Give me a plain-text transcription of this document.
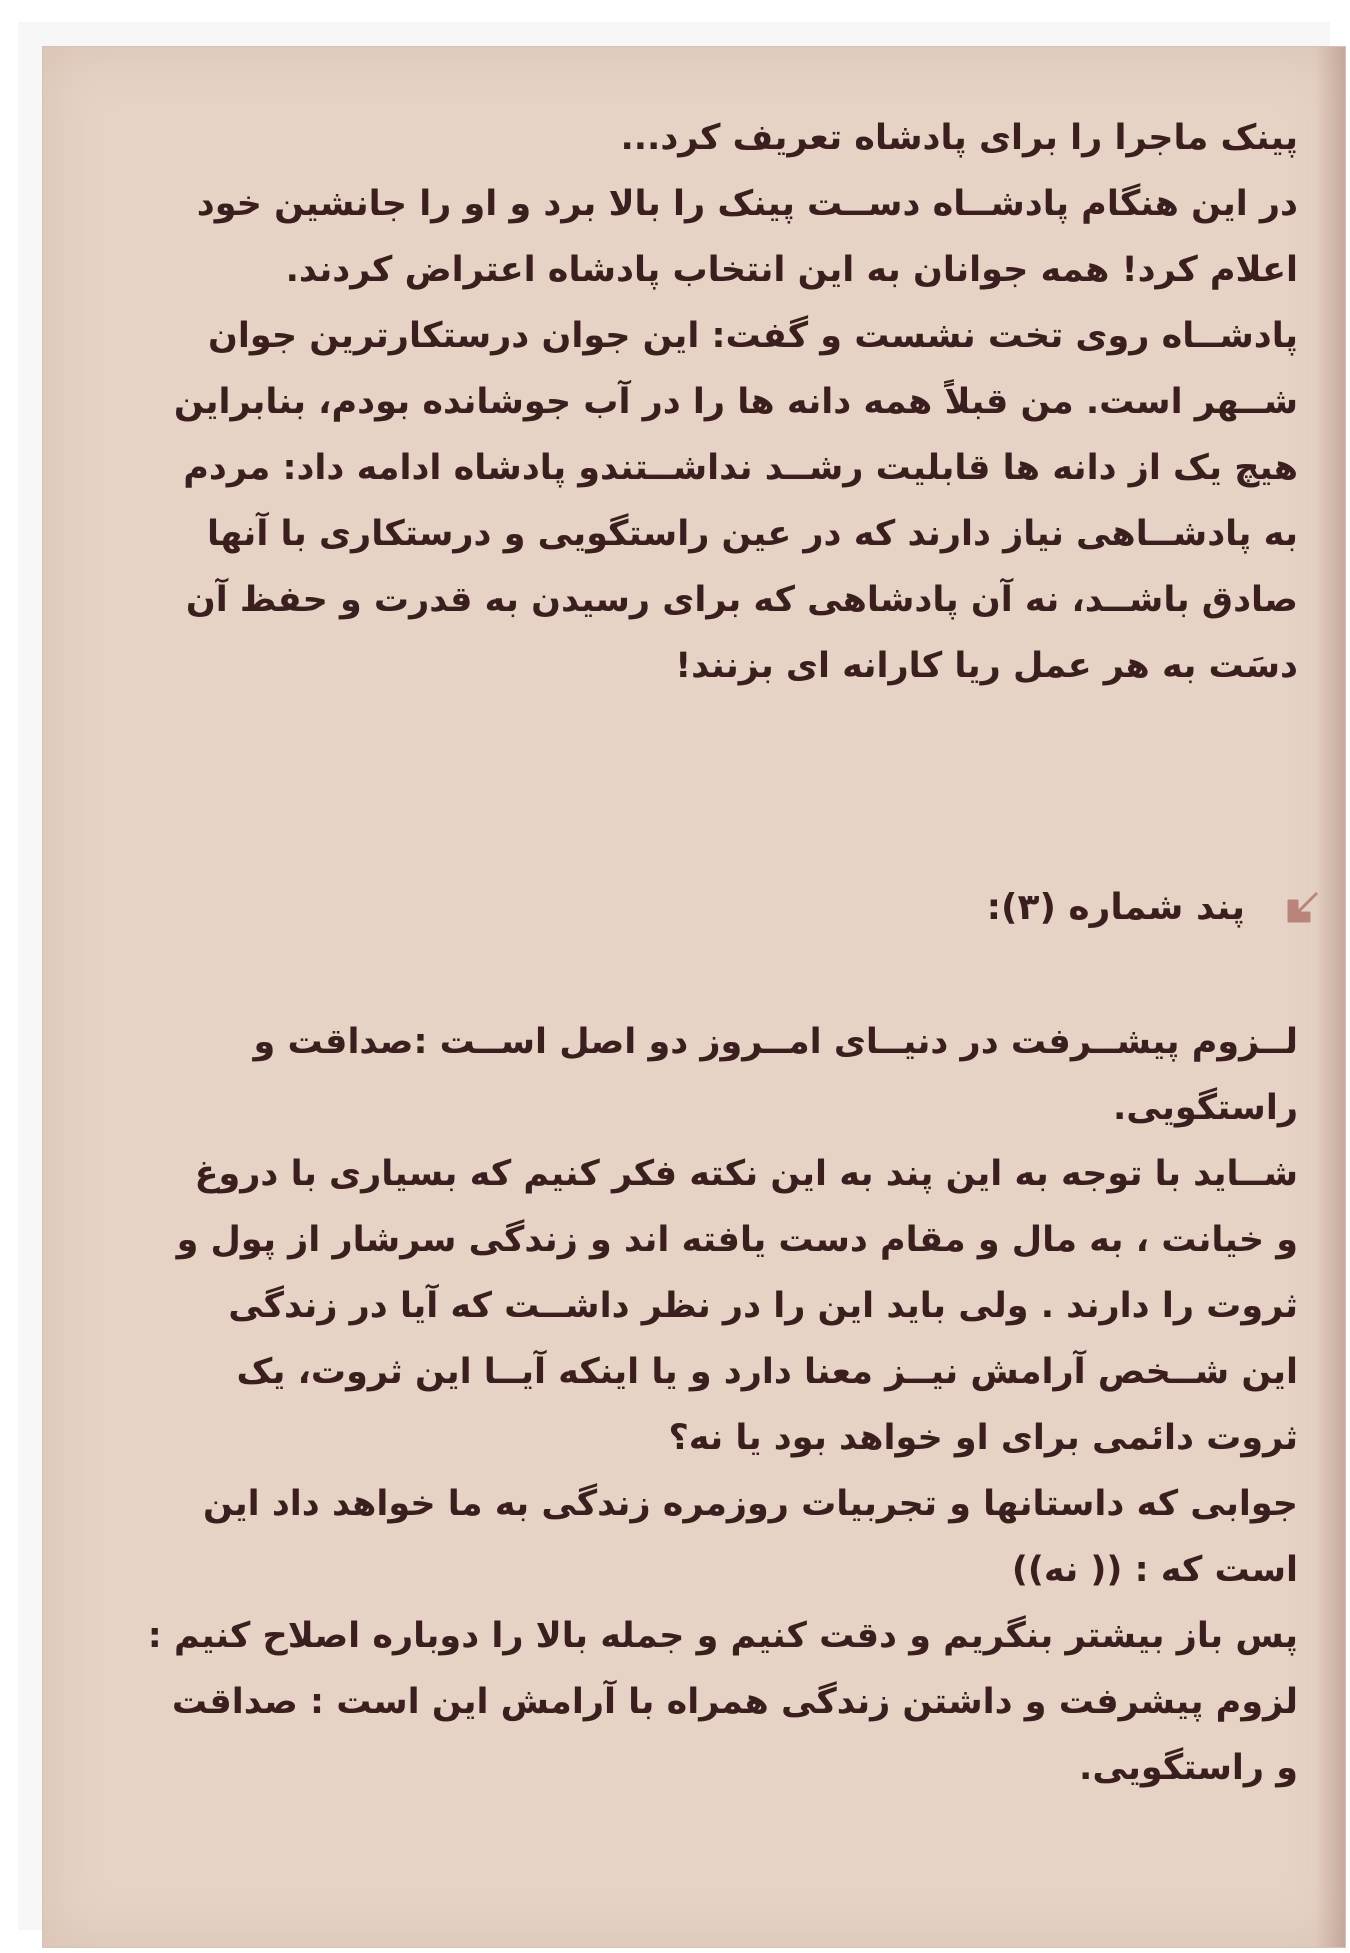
پینک ماجرا را برای پادشاه تعریف کرد...
در این هنگام پادشــاه دســت پینک را بالا برد و او را جانشین خود
اعلام کرد! همه جوانان به این انتخاب پادشاه اعتراض کردند.
پادشــاه روی تخت نشست و گفت: این جوان درستکارترین جوان
شــهر است. من قبلاً همه دانه ها را در آب جوشانده بودم، بنابراین
هیچ یک از دانه ها قابلیت رشــد نداشــتندو پادشاه ادامه داد: مردم
به پادشــاهی نیاز دارند که در عین راستگویی و درستکاری با آنها
صادق باشــد، نه آن پادشاهی که برای رسیدن به قدرت و حفظ آن
دسَت به هر عمل ریا کارانه ای بزنند!
پند شماره (۳):
لــزوم پیشــرفت در دنیــای امــروز دو اصل اســت :صداقت و
راستگویی.
شــاید با توجه به این پند به این نکته فکر کنیم که بسیاری با دروغ
و خیانت ، به مال و مقام دست یافته اند و زندگی سرشار از پول و
ثروت را دارند . ولی باید این را در نظر داشــت که آیا در زندگی
این شــخص آرامش نیــز معنا دارد و یا اینکه آیــا این ثروت، یک
ثروت دائمی برای او خواهد بود یا نه؟
جوابی که داستانها و تجربیات روزمره زندگی به ما خواهد داد این
است که : (( نه))
پس باز بیشتر بنگریم و دقت کنیم و جمله بالا را دوباره اصلاح کنیم :
لزوم پیشرفت و داشتن زندگی همراه با آرامش این است : صداقت
و راستگویی.
